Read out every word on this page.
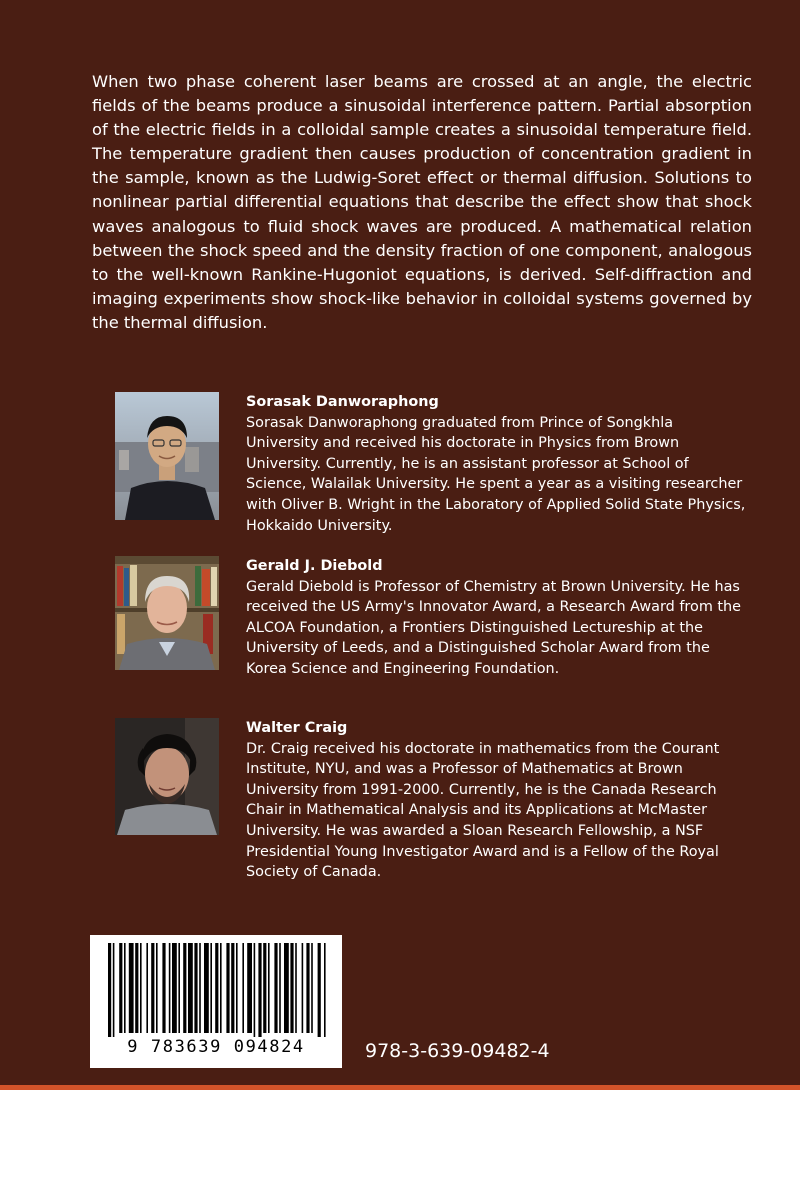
When two phase coherent laser beams are crossed at an angle, the electric fields of the beams produce a sinusoidal interference pattern. Partial absorption of the electric fields in a colloidal sample creates a sinusoidal temperature field. The temperature gradient then causes production of concentration gradient in the sample, known as the Ludwig-Soret effect or thermal diffusion. Solutions to nonlinear partial differential equations that describe the effect show that shock waves analogous to fluid shock waves are produced. A mathematical relation between the shock speed and the density fraction of one component, analogous to the well-known Rankine-Hugoniot equations, is derived. Self-diffraction and imaging experiments show shock-like behavior in colloidal systems governed by the thermal diffusion.

Sorasak Danworaphong
Sorasak Danworaphong graduated from Prince of Songkhla University and received his doctorate in Physics from Brown University. Currently, he is an assistant professor at School of Science, Walailak University. He spent a year as a visiting researcher with Oliver B. Wright in the Laboratory of Applied Solid State Physics, Hokkaido University.
Gerald J. Diebold
Gerald Diebold is Professor of Chemistry at Brown University. He has received the US Army's Innovator Award, a Research Award from the ALCOA Foundation, a Frontiers Distinguished Lectureship at the University of Leeds, and a Distinguished Scholar Award from the Korea Science and Engineering Foundation.
Walter Craig
Dr. Craig received his doctorate in mathematics from the Courant Institute, NYU, and was a Professor of Mathematics at Brown University from 1991-2000. Currently, he is the Canada Research Chair in Mathematical Analysis and its Applications at McMaster University. He was awarded a Sloan Research Fellowship, a NSF Presidential Young Investigator Award and is a Fellow of the Royal Society of Canada.
9 783639 094824	978-3-639-09482-4
